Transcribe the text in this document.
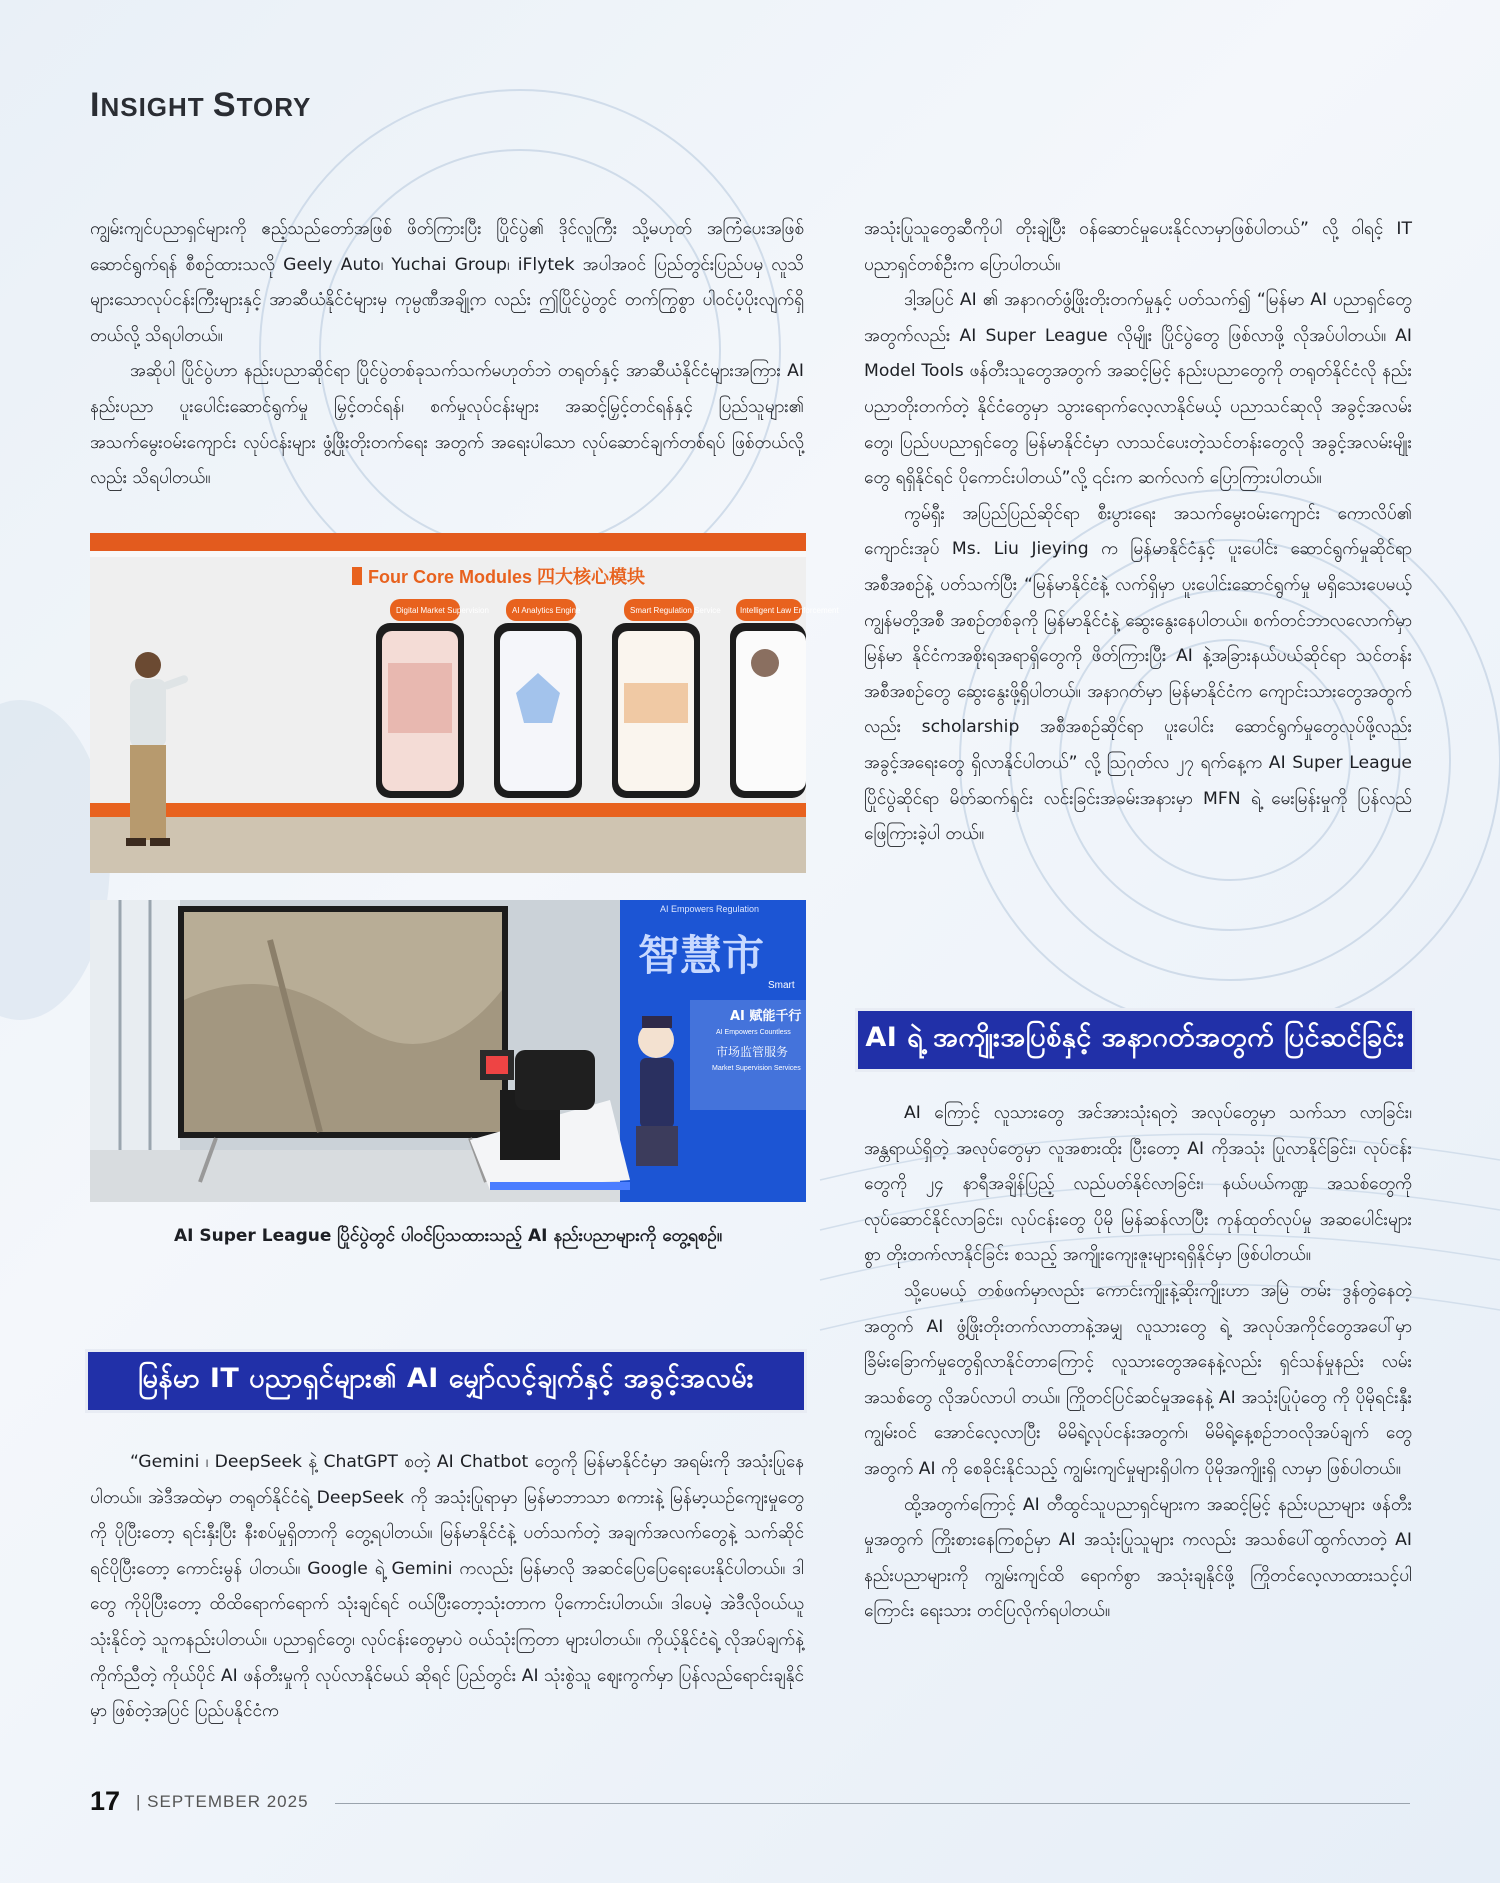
INSIGHT STORY

ကျွမ်းကျင်ပညာရှင်များကို ဧည့်သည်တော်အဖြစ် ဖိတ်ကြားပြီး ပြိုင်ပွဲ၏ ဒိုင်လူကြီး သို့မဟုတ် အကြံပေးအဖြစ် ဆောင်ရွက်ရန် စီစဉ်ထားသလို Geely Auto၊ Yuchai Group၊ iFlytek အပါအဝင် ပြည်တွင်းပြည်ပမှ လူသိများသောလုပ်ငန်းကြီးများနှင့် အာဆီယံနိုင်ငံများမှ ကုမ္ပဏီအချို့က လည်း ဤပြိုင်ပွဲတွင် တက်ကြွစွာ ပါဝင်ပံ့ပိုးလျက်ရှိတယ်လို့ သိရပါတယ်။

အဆိုပါ ပြိုင်ပွဲဟာ နည်းပညာဆိုင်ရာ ပြိုင်ပွဲတစ်ခုသက်သက်မဟုတ်ဘဲ တရုတ်နှင့် အာဆီယံနိုင်ငံများအကြား AI နည်းပညာ ပူးပေါင်းဆောင်ရွက်မှု မြှင့်တင်ရန်၊ စက်မှုလုပ်ငန်းများ အဆင့်မြှင့်တင်ရန်နှင့် ပြည်သူများ၏ အသက်မွေးဝမ်းကျောင်း လုပ်ငန်းများ ဖွံ့ဖြိုးတိုးတက်ရေး အတွက် အရေးပါသော လုပ်ဆောင်ချက်တစ်ရပ် ဖြစ်တယ်လို့လည်း သိရပါတယ်။

Four Core Modules 四大核心模块
Digital Market Supervision	AI Analytics Engine	Smart Regulation Service Intelligent Law Enforcement
AI Empowers Regulation
智慧市
Smart
AI 赋能千行
AI Empowers Countless
市场监管服务
Market Supervision Services
AI Super League ပြိုင်ပွဲတွင် ပါဝင်ပြသထားသည့် AI နည်းပညာများကို တွေ့ရစဉ်။
မြန်မာ IT ပညာရှင်များ၏ AI မျှော်လင့်ချက်နှင့် အခွင့်အလမ်း

“Gemini ၊ DeepSeek နဲ့ ChatGPT စတဲ့ AI Chatbot တွေကို မြန်မာနိုင်ငံမှာ အရမ်းကို အသုံးပြုနေပါတယ်။ အဲဒီအထဲမှာ တရုတ်နိုင်ငံရဲ့ DeepSeek ကို အသုံးပြုရာမှာ မြန်မာဘာသာ စကားနဲ့ မြန်မာ့ယဉ်ကျေးမှုတွေကို ပိုပြီးတော့ ရင်းနှီးပြီး နီးစပ်မှုရှိတာကို တွေ့ရပါတယ်။ မြန်မာနိုင်ငံနဲ့ ပတ်သက်တဲ့ အချက်အလက်တွေနဲ့ သက်ဆိုင်ရင်ပိုပြီးတော့ ကောင်းမွန် ပါတယ်။ Google ရဲ့ Gemini ကလည်း မြန်မာလို အဆင်ပြေပြေရေးပေးနိုင်ပါတယ်။ ဒါတွေ ကိုပိုပြီးတော့ ထိထိရောက်ရောက် သုံးချင်ရင် ဝယ်ပြီးတော့သုံးတာက ပိုကောင်းပါတယ်။ ဒါပေမဲ့ အဲဒီလိုဝယ်ယူ သုံးနိုင်တဲ့ သူကနည်းပါတယ်။ ပညာရှင်တွေ၊ လုပ်ငန်းတွေမှာပဲ ဝယ်သုံးကြတာ များပါတယ်။ ကိုယ့်နိုင်ငံရဲ့ လိုအပ်ချက်နဲ့ ကိုက်ညီတဲ့ ကိုယ်ပိုင် AI ဖန်တီးမှုကို လုပ်လာနိုင်မယ် ဆိုရင် ပြည်တွင်း AI သုံးစွဲသူ ဈေးကွက်မှာ ပြန်လည်ရောင်းချနိုင်မှာ ဖြစ်တဲ့အပြင် ပြည်ပနိုင်ငံက

အသုံးပြုသူတွေဆီကိုပါ တိုးချဲ့ပြီး ဝန်ဆောင်မှုပေးနိုင်လာမှာဖြစ်ပါတယ်” လို့ ဝါရင့် IT ပညာရှင်တစ်ဦးက ပြောပါတယ်။

ဒါ့အပြင် AI ၏ အနာဂတ်ဖွံ့ဖြိုးတိုးတက်မှုနှင့် ပတ်သက်၍ “မြန်မာ AI ပညာရှင်တွေအတွက်လည်း AI Super League လိုမျိုး ပြိုင်ပွဲတွေ ဖြစ်လာဖို့ လိုအပ်ပါတယ်။ AI Model Tools ဖန်တီးသူတွေအတွက် အဆင့်မြင့် နည်းပညာတွေကို တရုတ်နိုင်ငံလို နည်းပညာတိုးတက်တဲ့ နိုင်ငံတွေမှာ သွားရောက်လေ့လာနိုင်မယ့် ပညာသင်ဆုလို အခွင့်အလမ်း တွေ၊ ပြည်ပပညာရှင်တွေ မြန်မာနိုင်ငံမှာ လာသင်ပေးတဲ့သင်တန်းတွေလို အခွင့်အလမ်းမျိုးတွေ ရရှိနိုင်ရင် ပိုကောင်းပါတယ်”လို့ ၎င်းက ဆက်လက် ပြောကြားပါတယ်။

ကွမ်ရှီး အပြည်ပြည်ဆိုင်ရာ စီးပွားရေး အသက်မွေးဝမ်းကျောင်း ကောလိပ်၏ ကျောင်းအုပ် Ms. Liu Jieying က မြန်မာနိုင်ငံနှင့် ပူးပေါင်း ဆောင်ရွက်မှုဆိုင်ရာ အစီအစဉ်နဲ့ ပတ်သက်ပြီး “မြန်မာနိုင်ငံနဲ့ လက်ရှိမှာ ပူးပေါင်းဆောင်ရွက်မှု မရှိသေးပေမယ့် ကျွန်မတို့အစီ အစဉ်တစ်ခုကို မြန်မာနိုင်ငံနဲ့ ဆွေးနွေးနေပါတယ်။ စက်တင်ဘာလလောက်မှာ မြန်မာ နိုင်ငံကအစိုးရအရာရှိတွေကို ဖိတ်ကြားပြီး AI နဲ့အခြားနယ်ပယ်ဆိုင်ရာ သင်တန်းအစီအစဉ်တွေ ဆွေးနွေးဖို့ရှိပါတယ်။ အနာဂတ်မှာ မြန်မာနိုင်ငံက ကျောင်းသားတွေအတွက်လည်း scholarship အစီအစဉ်ဆိုင်ရာ ပူးပေါင်း ဆောင်ရွက်မှုတွေလုပ်ဖို့လည်း အခွင့်အရေးတွေ ရှိလာနိုင်ပါတယ်” လို့ ဩဂုတ်လ ၂၇ ရက်နေ့က AI Super League ပြိုင်ပွဲဆိုင်ရာ မိတ်ဆက်ရှင်း လင်းခြင်းအခမ်းအနားမှာ MFN ရဲ့ မေးမြန်းမှုကို ပြန်လည်ဖြေကြားခဲ့ပါ တယ်။

AI ရဲ့ အကျိုးအပြစ်နှင့် အနာဂတ်အတွက် ပြင်ဆင်ခြင်း

AI ကြောင့် လူသားတွေ အင်အားသုံးရတဲ့ အလုပ်တွေမှာ သက်သာ လာခြင်း၊ အန္တရာယ်ရှိတဲ့ အလုပ်တွေမှာ လူအစားထိုး ပြီးတော့ AI ကိုအသုံး ပြုလာနိုင်ခြင်း၊ လုပ်ငန်းတွေကို ၂၄ နာရီအချိန်ပြည့် လည်ပတ်နိုင်လာခြင်း၊ နယ်ပယ်ကဏ္ဍ အသစ်တွေကိုလုပ်ဆောင်နိုင်လာခြင်း၊ လုပ်ငန်းတွေ ပိုမို မြန်ဆန်လာပြီး ကုန်ထုတ်လုပ်မှု အဆပေါင်းများစွာ တိုးတက်လာနိုင်ခြင်း စသည့် အကျိုးကျေးဇူးများရရှိနိုင်မှာ ဖြစ်ပါတယ်။

သို့ပေမယ့် တစ်ဖက်မှာလည်း ကောင်းကျိုးနဲ့ဆိုးကျိုးဟာ အမြဲ တမ်း ဒွန်တွဲနေတဲ့အတွက် AI ဖွံ့ဖြိုးတိုးတက်လာတာနဲ့အမျှ လူသားတွေ ရဲ့ အလုပ်အကိုင်တွေအပေါ်မှာ ခြိမ်းခြောက်မှုတွေရှိလာနိုင်တာကြောင့် လူသားတွေအနေနဲ့လည်း ရှင်သန်မှုနည်း လမ်းအသစ်တွေ လိုအပ်လာပါ တယ်။ ကြိုတင်ပြင်ဆင်မှုအနေနဲ့ AI အသုံးပြုပုံတွေ ကို ပိုမိုရင်းနှီးကျွမ်းဝင် အောင်လေ့လာပြီး မိမိရဲ့လုပ်ငန်းအတွက်၊ မိမိရဲ့နေ့စဉ်ဘဝလိုအပ်ချက် တွေအတွက် AI ကို စေခိုင်းနိုင်သည့် ကျွမ်းကျင်မှုများရှိပါက ပိုမိုအကျိုးရှိ လာမှာ ဖြစ်ပါတယ်။

ထို့အတွက်ကြောင့် AI တီထွင်သူပညာရှင်များက အဆင့်မြင့် နည်းပညာများ ဖန်တီးမှုအတွက် ကြိုးစားနေကြစဉ်မှာ AI အသုံးပြုသူများ ကလည်း အသစ်ပေါ်ထွက်လာတဲ့ AI နည်းပညာများကို ကျွမ်းကျင်ထိ ရောက်စွာ အသုံးချနိုင်ဖို့ ကြိုတင်လေ့လာထားသင့်ပါကြောင်း ရေးသား တင်ပြလိုက်ရပါတယ်။

17 | SEPTEMBER 2025
